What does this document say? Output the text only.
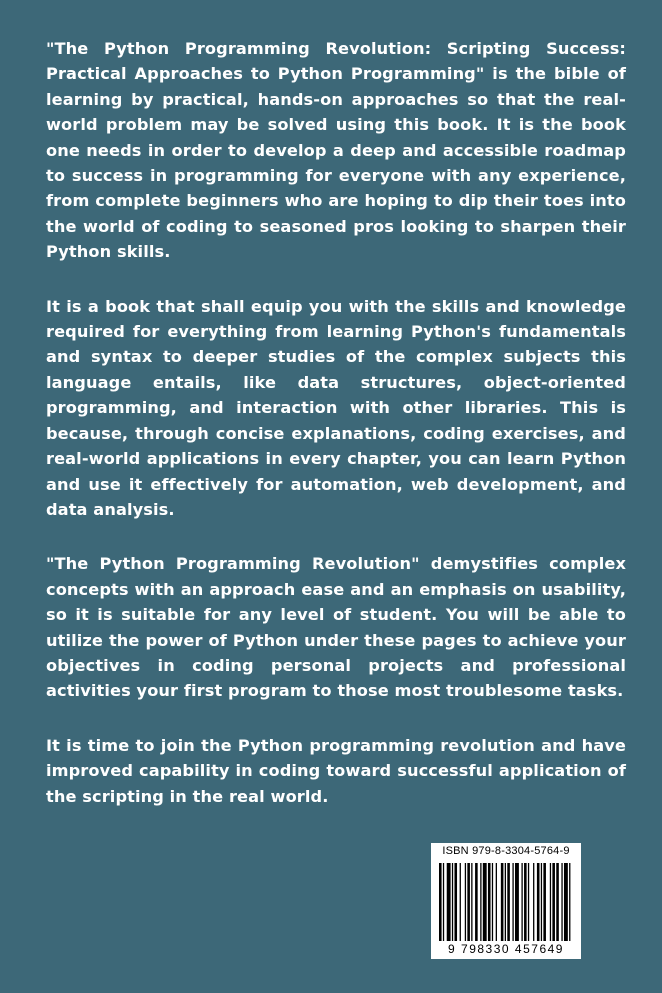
"The Python Programming Revolution: Scripting Success: Practical Approaches to Python Programming" is the bible of learning by practical, hands-on approaches so that the real-world problem may be solved using this book. It is the book one needs in order to develop a deep and accessible roadmap to success in programming for everyone with any experience, from complete beginners who are hoping to dip their toes into the world of coding to seasoned pros looking to sharpen their Python skills.

It is a book that shall equip you with the skills and knowledge required for everything from learning Python's fundamentals and syntax to deeper studies of the complex subjects this language entails, like data structures, object-oriented programming, and interaction with other libraries. This is because, through concise explanations, coding exercises, and real-world applications in every chapter, you can learn Python and use it effectively for automation, web development, and data analysis.

"The Python Programming Revolution" demystifies complex concepts with an approach ease and an emphasis on usability, so it is suitable for any level of student. You will be able to utilize the power of Python under these pages to achieve your objectives in coding personal projects and professional activities your first program to those most troublesome tasks.

It is time to join the Python programming revolution and have improved capability in coding toward successful application of the scripting in the real world.

ISBN 979-8-3304-5764-9
9 798330 457649
